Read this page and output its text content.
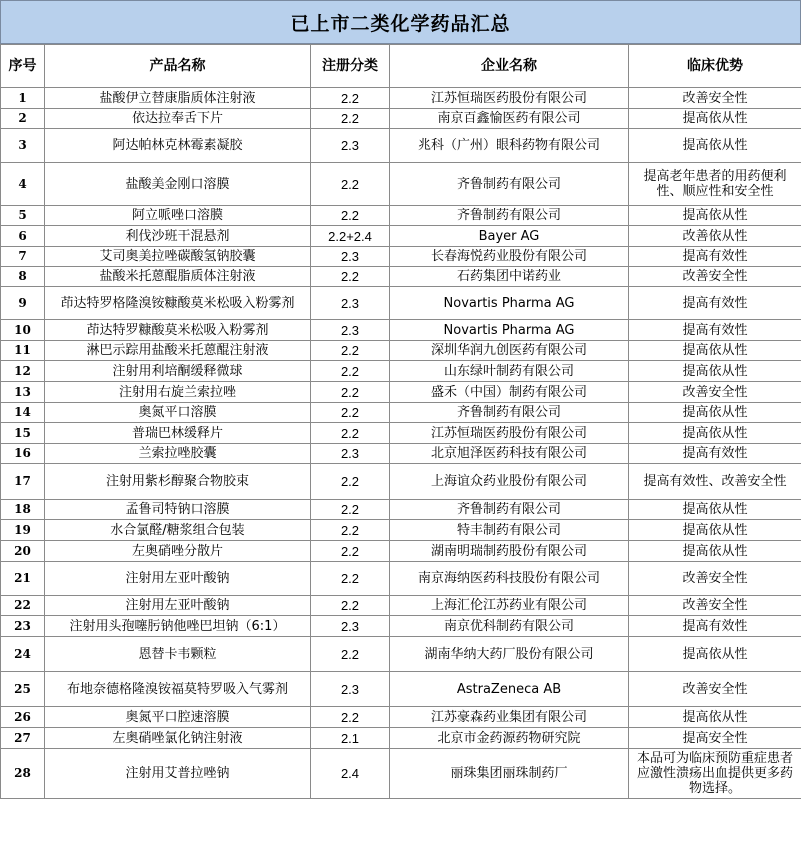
已上市二类化学药品汇总
序号	产品名称	注册分类	企业名称	临床优势
1	盐酸伊立替康脂质体注射液	2.2	江苏恒瑞医药股份有限公司	改善安全性
2	依达拉奉舌下片	2.2	南京百鑫愉医药有限公司	提高依从性
3	阿达帕林克林霉素凝胶	2.3	兆科（广州）眼科药物有限公司	提高依从性
4	盐酸美金刚口溶膜	2.2	齐鲁制药有限公司	提高老年患者的用药便利性、顺应性和安全性
5	阿立哌唑口溶膜	2.2	齐鲁制药有限公司	提高依从性
6	利伐沙班干混悬剂	2.2+2.4	Bayer AG	改善依从性
7	艾司奥美拉唑碳酸氢钠胶囊	2.3	长春海悦药业股份有限公司	提高有效性
8	盐酸米托蒽醌脂质体注射液	2.2	石药集团中诺药业	改善安全性
9	茚达特罗格隆溴铵糠酸莫米松吸入粉雾剂	2.3	Novartis Pharma AG	提高有效性
10	茚达特罗糠酸莫米松吸入粉雾剂	2.3	Novartis Pharma AG	提高有效性
11	淋巴示踪用盐酸米托蒽醌注射液	2.2	深圳华润九创医药有限公司	提高依从性
12	注射用利培酮缓释微球	2.2	山东绿叶制药有限公司	提高依从性
13	注射用右旋兰索拉唑	2.2	盛禾（中国）制药有限公司	改善安全性
14	奥氮平口溶膜	2.2	齐鲁制药有限公司	提高依从性
15	普瑞巴林缓释片	2.2	江苏恒瑞医药股份有限公司	提高依从性
16	兰索拉唑胶囊	2.3	北京旭泽医药科技有限公司	提高有效性
17	注射用紫杉醇聚合物胶束	2.2	上海谊众药业股份有限公司	提高有效性、改善安全性
18	孟鲁司特钠口溶膜	2.2	齐鲁制药有限公司	提高依从性
19	水合氯醛/糖浆组合包装	2.2	特丰制药有限公司	提高依从性
20	左奥硝唑分散片	2.2	湖南明瑞制药股份有限公司	提高依从性
21	注射用左亚叶酸钠	2.2	南京海纳医药科技股份有限公司	改善安全性
22	注射用左亚叶酸钠	2.2	上海汇伦江苏药业有限公司	改善安全性
23	注射用头孢噻肟钠他唑巴坦钠（6:1）	2.3	南京优科制药有限公司	提高有效性
24	恩替卡韦颗粒	2.2	湖南华纳大药厂股份有限公司	提高依从性
25	布地奈德格隆溴铵福莫特罗吸入气雾剂	2.3	AstraZeneca AB	改善安全性
26	奥氮平口腔速溶膜	2.2	江苏豪森药业集团有限公司	提高依从性
27	左奥硝唑氯化钠注射液	2.1	北京市金药源药物研究院	提高安全性
28	注射用艾普拉唑钠	2.4	丽珠集团丽珠制药厂	本品可为临床预防重症患者应激性溃疡出血提供更多药物选择。
